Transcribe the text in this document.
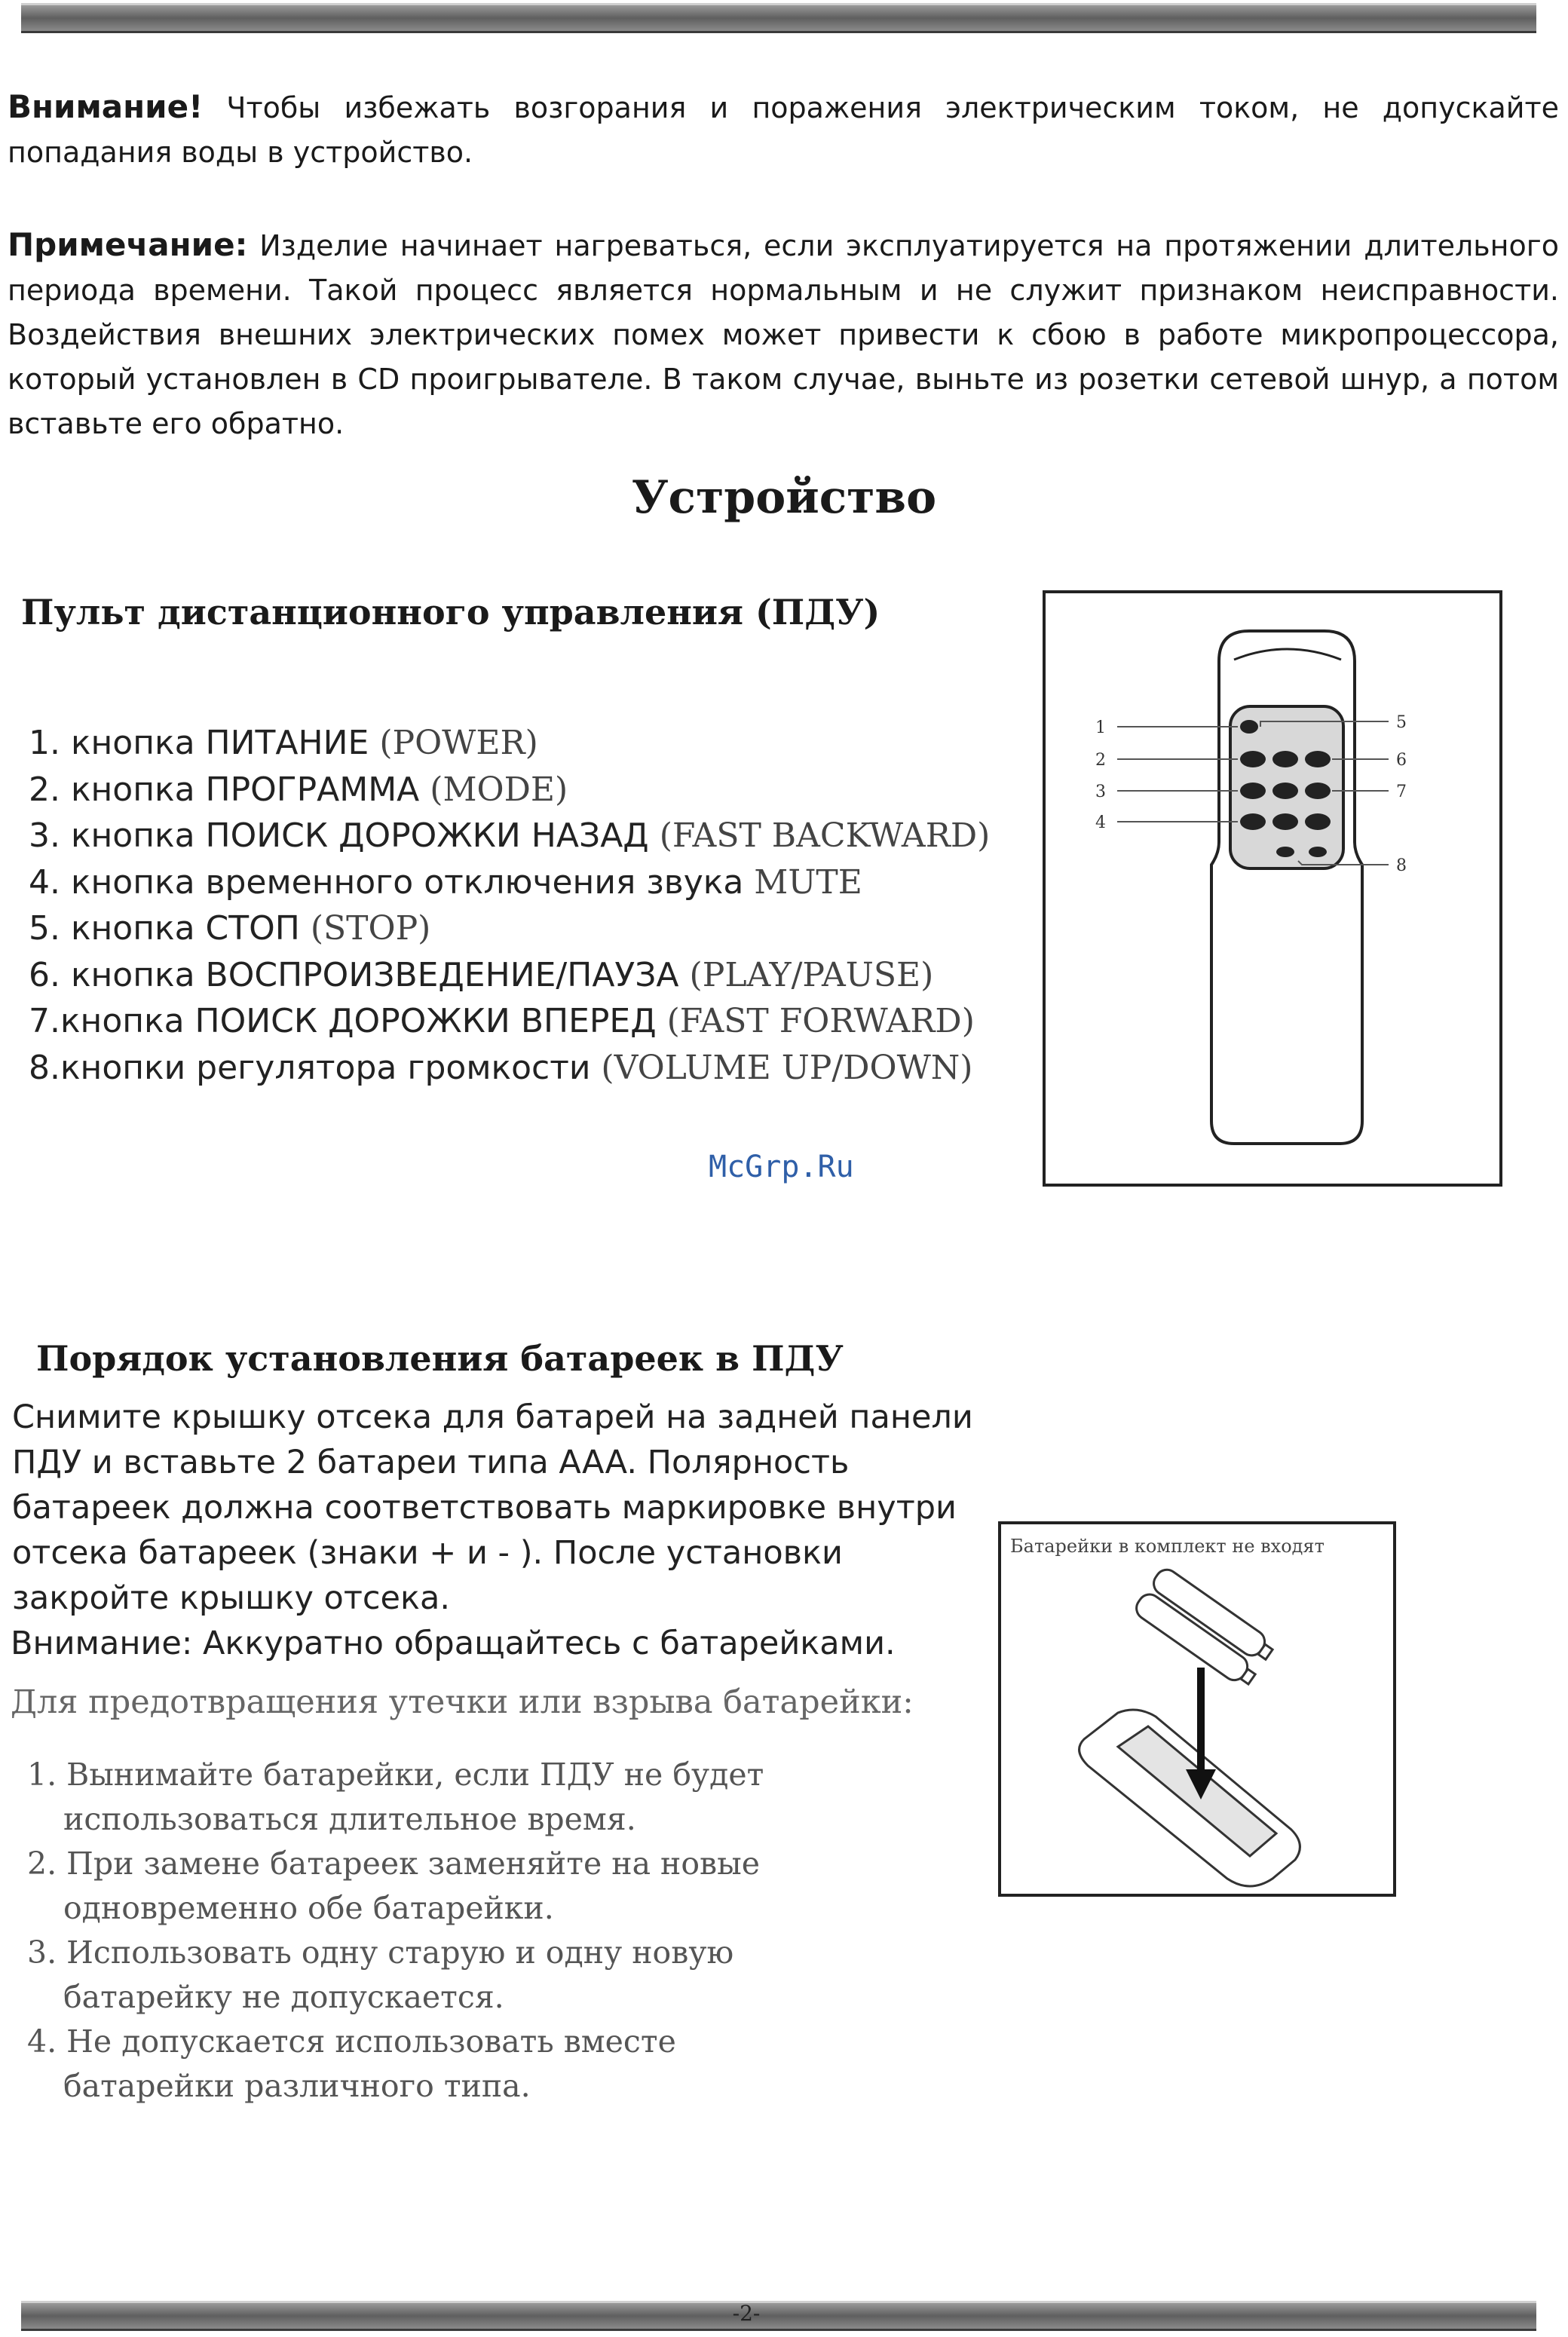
Внимание! Чтобы избежать возгорания и поражения электрическим током, не допускайте попадания воды в устройство.

Примечание: Изделие начинает нагреваться, если эксплуатируется на протяжении длительного периода времени. Такой процесс является нормальным и не служит признаком неисправности. Воздействия внешних электрических помех может привести к сбою в работе микропроцессора, который установлен в CD проигрывателе. В таком случае, выньте из розетки сетевой шнур, а потом вставьте его обратно.

Устройство
Пульт дистанционного управления (ПДУ)
1. кнопка ПИТАНИЕ (POWER)
2. кнопка ПРОГРАММА (MODE)
3. кнопка ПОИСК ДОРОЖКИ НАЗАД (FAST BACKWARD)
4. кнопка временного отключения звука MUTE
5. кнопка СТОП (STOP)
6. кнопка ВОСПРОИЗВЕДЕНИЕ/ПАУЗА (PLAY/PAUSE)
7.кнопка ПОИСК ДОРОЖКИ ВПЕРЕД (FAST FORWARD)
8.кнопки регулятора громкости (VOLUME UP/DOWN)
1
2
3
4
5
6
7
8
McGrp.Ru
Порядок установления батареек в ПДУ

Снимите крышку отсека для батарей на задней панели ПДУ и вставьте 2 батареи типа AAA. Полярность батареек должна соответствовать маркировке внутри отсека батареек (знаки + и - ). После установки закройте крышку отсека.

Внимание: Аккуратно обращайтесь с батарейками.

Для предотвращения утечки или взрыва батарейки:

1. Вынимайте батарейки, если ПДУ не будет использоваться длительное время.
2. При замене батареек заменяйте на новые одновременно обе батарейки.
3. Использовать одну старую и одну новую батарейку не допускается.
4. Не допускается использовать вместе батарейки различного типа.
Батарейки в комплект не входят
-2-
